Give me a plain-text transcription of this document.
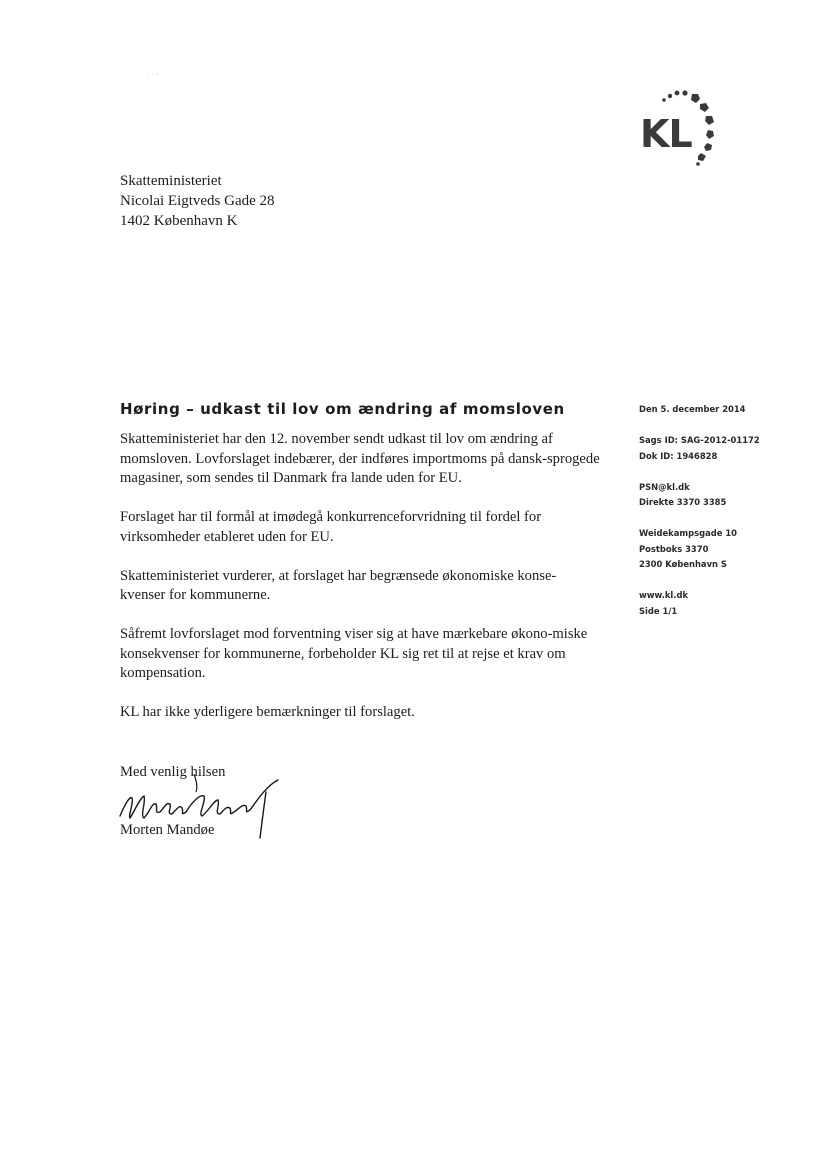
· · ·
KL
Skatteministeriet
Nicolai Eigtveds Gade 28
1402 København K
Høring – udkast til lov om ændring af momsloven

Skatteministeriet har den 12. november sendt udkast til lov om ændring af momsloven. Lovforslaget indebærer, der indføres importmoms på dansk-sprogede magasiner, som sendes til Danmark fra lande uden for EU.

Forslaget har til formål at imødegå konkurrenceforvridning til fordel for virksomheder etableret uden for EU.

Skatteministeriet vurderer, at forslaget har begrænsede økonomiske konse-kvenser for kommunerne.

Såfremt lovforslaget mod forventning viser sig at have mærkebare økono-miske konsekvenser for kommunerne, forbeholder KL sig ret til at rejse et krav om kompensation.

KL har ikke yderligere bemærkninger til forslaget.

Med venlig hilsen
Morten Mandøe
Den 5. december 2014
Sags ID: SAG-2012-01172
Dok ID: 1946828
PSN@kl.dk
Direkte 3370 3385
Weidekampsgade 10
Postboks 3370
2300 København S
www.kl.dk
Side 1/1
